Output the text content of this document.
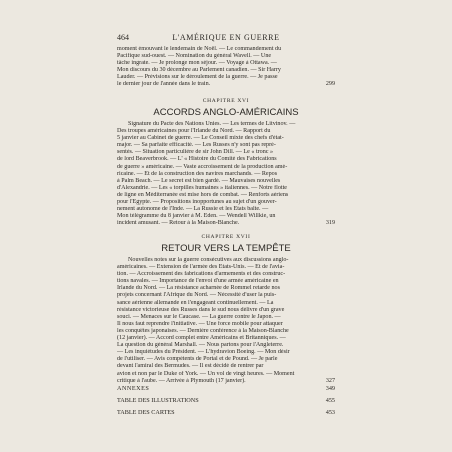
464	L'AMÉRIQUE EN GUERRE
moment émouvant le lendemain de Noël. — Le commandement du
Pacifique sud-ouest. — Nomination du général Wavell. — Une
tâche ingrate. — Je prolonge mon séjour. — Voyage à Ottawa. —
Mon discours du 30 décembre au Parlement canadien. — Sir Harry
Lauder. — Prévisions sur le déroulement de la guerre. — Je passe
le dernier jour de l'année dans le train.	299
CHAPITRE XVI
ACCORDS ANGLO-AMÉRICAINS
Signature du Pacte des Nations Unies. — Les termes de Litvinov. —
Des troupes américaines pour l'Irlande du Nord. — Rapport du
5 janvier au Cabinet de guerre. — Le Conseil mixte des chefs d'état-
major. — Sa parfaite efficacité. — Les Russes n'y sont pas repré-
sentés. — Situation particulière de sir John Dill. — Le « tronc »
de lord Beaverbrook. — L' « Histoire du Comité des Fabrications
de guerre » américaine. — Vaste accroissement de la production amé-
ricaine. — Et de la construction des navires marchands. — Repos
à Palm Beach. — Le secret est bien gardé. — Mauvaises nouvelles
d'Alexandrie. — Les « torpilles humaines » italiennes. — Notre flotte
de ligne en Méditerranée est mise hors de combat. — Renforts aériens
pour l'Égypte. — Propositions inopportunes au sujet d'un gouver-
nement autonome de l'Inde. — La Russie et les États balte. —
Mon télégramme du 8 janvier à M. Eden. — Wendell Willkie, un
incident amusant. — Retour à la Maison-Blanche.	319
CHAPITRE XVII
RETOUR VERS LA TEMPÊTE
Nouvelles notes sur la guerre consécutives aux discussions anglo-
américaines. — Extension de l'armée des États-Unis. — Et de l'avia-
tion. — Accroissement des fabrications d'armements et des construc-
tions navales. — Importance de l'envoi d'une armée américaine en
Irlande du Nord. — La résistance acharnée de Rommel retarde nos
projets concernant l'Afrique du Nord. — Nécessité d'user la puis-
sance aérienne allemande en l'engageant continuellement. — La
résistance victorieuse des Russes dans le sud nous délivre d'un grave
souci. — Menaces sur le Caucase. — La guerre contre le Japon. —
Il nous faut reprendre l'initiative. — Une force mobile pour attaquer
les conquêtes japonaises. — Dernière conférence à la Maison-Blanche
(12 janvier). — Accord complet entre Américains et Britanniques. —
La question du général Marshall. — Nous partons pour l'Angleterre.
— Les inquiétudes du Président. — L'hydravion Boeing. — Mon désir
de l'utiliser. — Avis compétents de Portal et de Pound. — Je parle
devant l'amiral des Bermudes. — Il est décidé de rentrer par
avion et non par le Duke of York. — Un vol de vingt heures. — Moment
critique à l'aube. — Arrivée à Plymouth (17 janvier).	327
ANNEXES	349
TABLE DES ILLUSTRATIONS	455
TABLE DES CARTES	453
